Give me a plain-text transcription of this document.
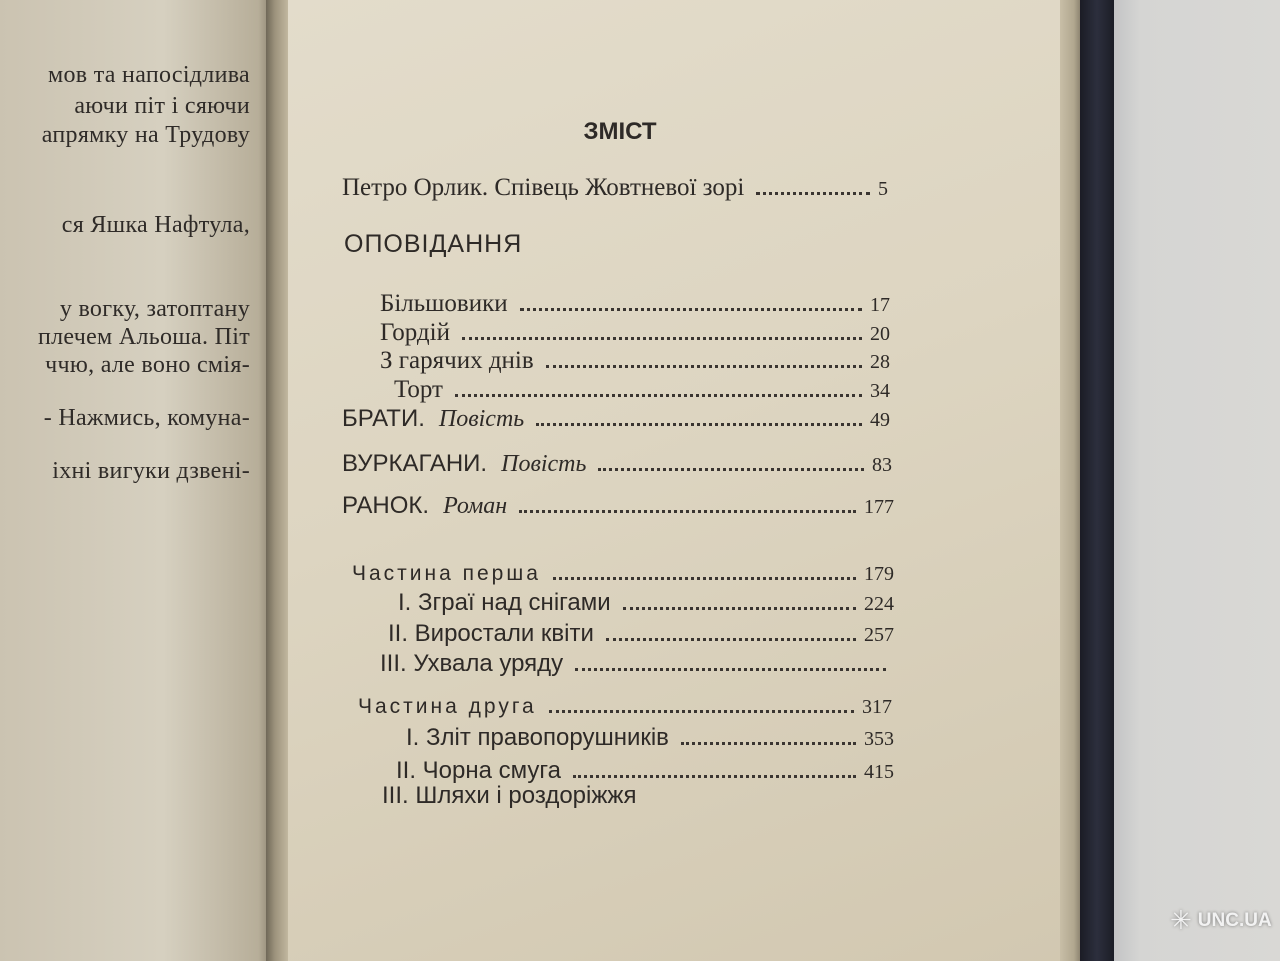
мов та напосідлива
аючи піт і сяючи
апрямку на Трудову
ся Яшка Нафтула,
у вогку, затоптану
плечем Альоша. Піт
ччю, але воно смія-
- Нажмись, комуна-
іхні вигуки дзвені-
ЗМІСТ
Петро Орлик. Співець Жовтневої зорі	5
ОПОВІДАННЯ
Більшовики	17
Гордій	20
З гарячих днів	28
Торт	34
БРАТИ. Повість	49
ВУРКАГАНИ. Повість	83
РАНОК. Роман	177
Частина перша	179
I. Зграї над снігами	224
II. Виростали квіти	257
III. Ухвала уряду
Частина друга	317
I. Зліт правопорушників	353
II. Чорна смуга	415
III. Шляхи і роздоріжжя
✳ UNC.UA
